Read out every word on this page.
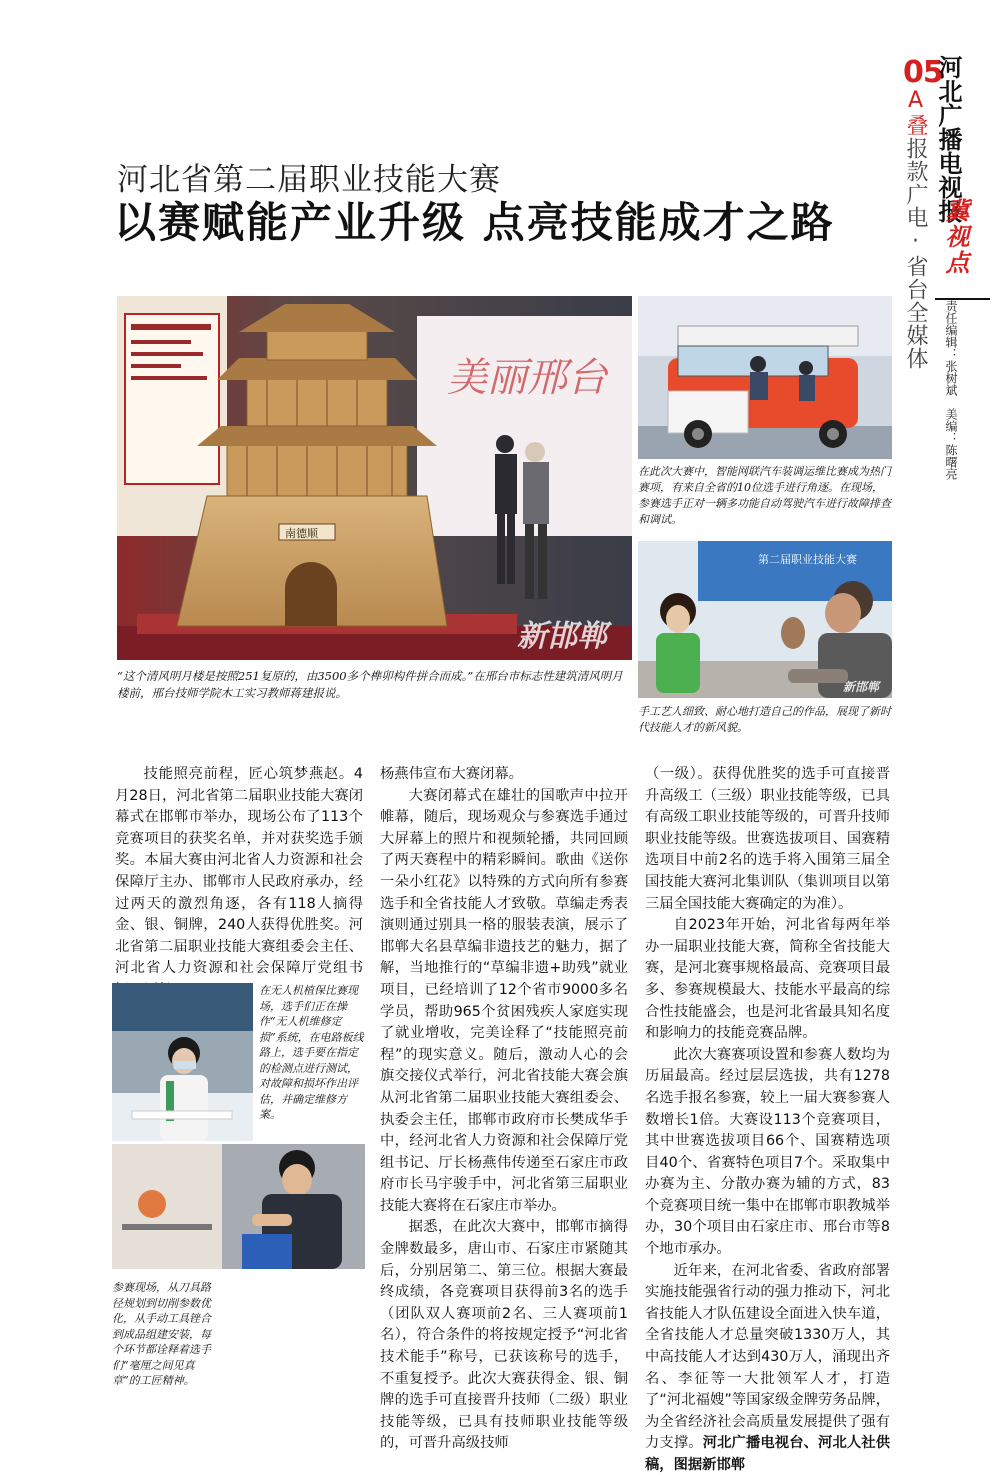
05
河北广播电视报
冀视点
A叠报款广电·省台全媒体 责任编辑：张树斌　美编：陈曙亮
河北省第二届职业技能大赛
以赛赋能产业升级 点亮技能成才之路
美丽邢台
南德顺
新邯郸
“这个清风明月楼是按照251复原的，由3500多个榫卯构件拼合而成。”在邢台市标志性建筑清风明月楼前，邢台技师学院木工实习教师蒋建报说。
在此次大赛中，智能网联汽车装调运维比赛成为热门赛项，有来自全省的10位选手进行角逐。在现场，参赛选手正对一辆多功能自动驾驶汽车进行故障排查和调试。
第二届职业技能大赛
新邯郸
手工艺人细致、耐心地打造自己的作品，展现了新时代技能人才的新风貌。

技能照亮前程，匠心筑梦燕赵。4月28日，河北省第二届职业技能大赛闭幕式在邯郸市举办，现场公布了113个竞赛项目的获奖名单，并对获奖选手颁奖。本届大赛由河北省人力资源和社会保障厅主办、邯郸市人民政府承办，经过两天的激烈角逐，各有118人摘得金、银、铜牌，240人获得优胜奖。河北省第二届职业技能大赛组委会主任、河北省人力资源和社会保障厅党组书

杨燕伟宣布大赛闭幕。

大赛闭幕式在雄壮的国歌声中拉开帷幕，随后，现场观众与参赛选手通过大屏幕上的照片和视频轮播，共同回顾了两天赛程中的精彩瞬间。歌曲《送你一朵小红花》以特殊的方式向所有参赛选手和全省技能人才致敬。草编走秀表演则通过别具一格的服装表演，展示了邯郸大名县草编非遗技艺的魅力，据了解，当地推行的“草编非遗+助残”就业项目，已经培训了12个省市9000多名学员，帮助965个贫困残疾人家庭实现了就业增收，完美诠释了“技能照亮前程”的现实意义。随后，激动人心的会旗交接仪式举行，河北省技能大赛会旗从河北省第二届职业技能大赛组委会、执委会主任，邯郸市政府市长樊成华手中，经河北省人力资源和社会保障厅党组书记、厅长杨燕伟传递至石家庄市政府市长马宇骏手中，河北省第三届职业技能大赛将在石家庄市举办。

据悉，在此次大赛中，邯郸市摘得金牌数最多，唐山市、石家庄市紧随其后，分别居第二、第三位。根据大赛最终成绩，各竞赛项目获得前3名的选手（团队双人赛项前2名、三人赛项前1名），符合条件的将按规定授予“河北省技术能手”称号，已获该称号的选手，不重复授予。此次大赛获得金、银、铜牌的选手可直接晋升技师（二级）职业技能等级，已具有技师职业技能等级的，可晋升高级技师

（一级）。获得优胜奖的选手可直接晋升高级工（三级）职业技能等级，已具有高级工职业技能等级的，可晋升技师职业技能等级。世赛选拔项目、国赛精选项目中前2名的选手将入围第三届全国技能大赛河北集训队（集训项目以第三届全国技能大赛确定的为准）。

自2023年开始，河北省每两年举办一届职业技能大赛，简称全省技能大赛，是河北赛事规格最高、竞赛项目最多、参赛规模最大、技能水平最高的综合性技能盛会，也是河北省最具知名度和影响力的技能竞赛品牌。

此次大赛赛项设置和参赛人数均为历届最高。经过层层选拔，共有1278名选手报名参赛，较上一届大赛参赛人数增长1倍。大赛设113个竞赛项目，其中世赛选拔项目66个、国赛精选项目40个、省赛特色项目7个。采取集中办赛为主、分散办赛为辅的方式，83个竞赛项目统一集中在邯郸市职教城举办，30个项目由石家庄市、邢台市等8个地市承办。

近年来，在河北省委、省政府部署实施技能强省行动的强力推动下，河北省技能人才队伍建设全面进入快车道，全省技能人才总量突破1330万人，其中高技能人才达到430万人，涌现出齐名、李征等一大批领军人才，打造了“河北福嫂”等国家级金牌劳务品牌，为全省经济社会高质量发展提供了强有力支撑。河北广播电视台、河北人社供稿，图据新邯郸

在无人机植保比赛现场，选手们正在操作“无人机维修定损”系统，在电路板线路上，选手要在指定的检测点进行测试，对故障和损坏作出评估，并确定维修方案。
参赛现场，从刀具路径规划到切削参数优化，从手动工具锉合到成品组建安装，每个环节都诠释着选手们“毫厘之间见真章”的工匠精神。
